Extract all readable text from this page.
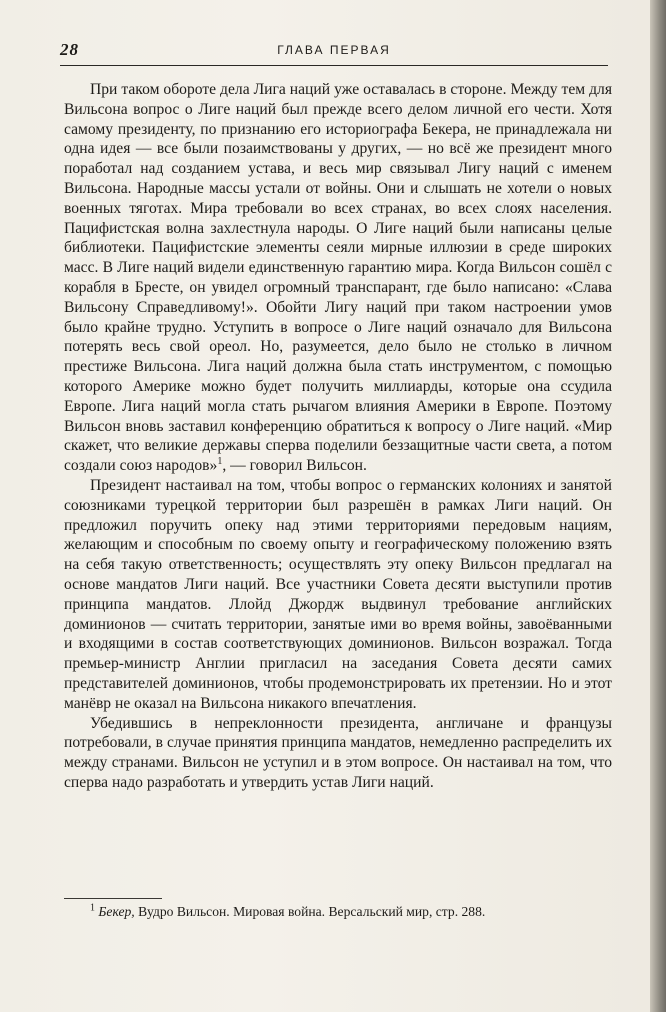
28	ГЛАВА ПЕРВАЯ

При таком обороте дела Лига наций уже оставалась в стороне. Между тем для Вильсона вопрос о Лиге наций был прежде всего делом личной его чести. Хотя самому президенту, по признанию его историографа Бекера, не принадлежала ни одна идея — все были позаимствованы у других, — но всё же президент много поработал над созданием устава, и весь мир связывал Лигу наций с именем Вильсона. Народные массы устали от войны. Они и слышать не хотели о новых военных тяготах. Мира требовали во всех странах, во всех слоях населения. Пацифистская волна захлестнула народы. О Лиге наций были написаны целые библиотеки. Пацифистские элементы сеяли мирные иллюзии в среде широких масс. В Лиге наций видели единственную гарантию мира. Когда Вильсон сошёл с корабля в Бресте, он увидел огромный транспарант, где было написано: «Слава Вильсону Справедливому!». Обойти Лигу наций при таком настроении умов было крайне трудно. Уступить в вопросе о Лиге наций означало для Вильсона потерять весь свой ореол. Но, разумеется, дело было не столько в личном престиже Вильсона. Лига наций должна была стать инструментом, с помощью которого Америке можно будет получить миллиарды, которые она ссудила Европе. Лига наций могла стать рычагом влияния Америки в Европе. Поэтому Вильсон вновь заставил конференцию обратиться к вопросу о Лиге наций. «Мир скажет, что великие державы сперва поделили беззащитные части света, а потом создали союз народов»$^1$, — говорил Вильсон.

Президент настаивал на том, чтобы вопрос о германских колониях и занятой союзниками турецкой территории был разрешён в рамках Лиги наций. Он предложил поручить опеку над этими территориями передовым нациям, желающим и способным по своему опыту и географическому положению взять на себя такую ответственность; осуществлять эту опеку Вильсон предлагал на основе мандатов Лиги наций. Все участники Совета десяти выступили против принципа мандатов. Ллойд Джордж выдвинул требование английских доминионов — считать территории, занятые ими во время войны, завоёванными и входящими в состав соответствующих доминионов. Вильсон возражал. Тогда премьер-министр Англии пригласил на заседания Совета десяти самих представителей доминионов, чтобы продемонстрировать их претензии. Но и этот манёвр не оказал на Вильсона никакого впечатления.

Убедившись в непреклонности президента, англичане и французы потребовали, в случае принятия принципа мандатов, немедленно распределить их между странами. Вильсон не уступил и в этом вопросе. Он настаивал на том, что сперва надо разработать и утвердить устав Лиги наций.

$^1$ Бекер, Вудро Вильсон. Мировая война. Версальский мир, стр. 288.
